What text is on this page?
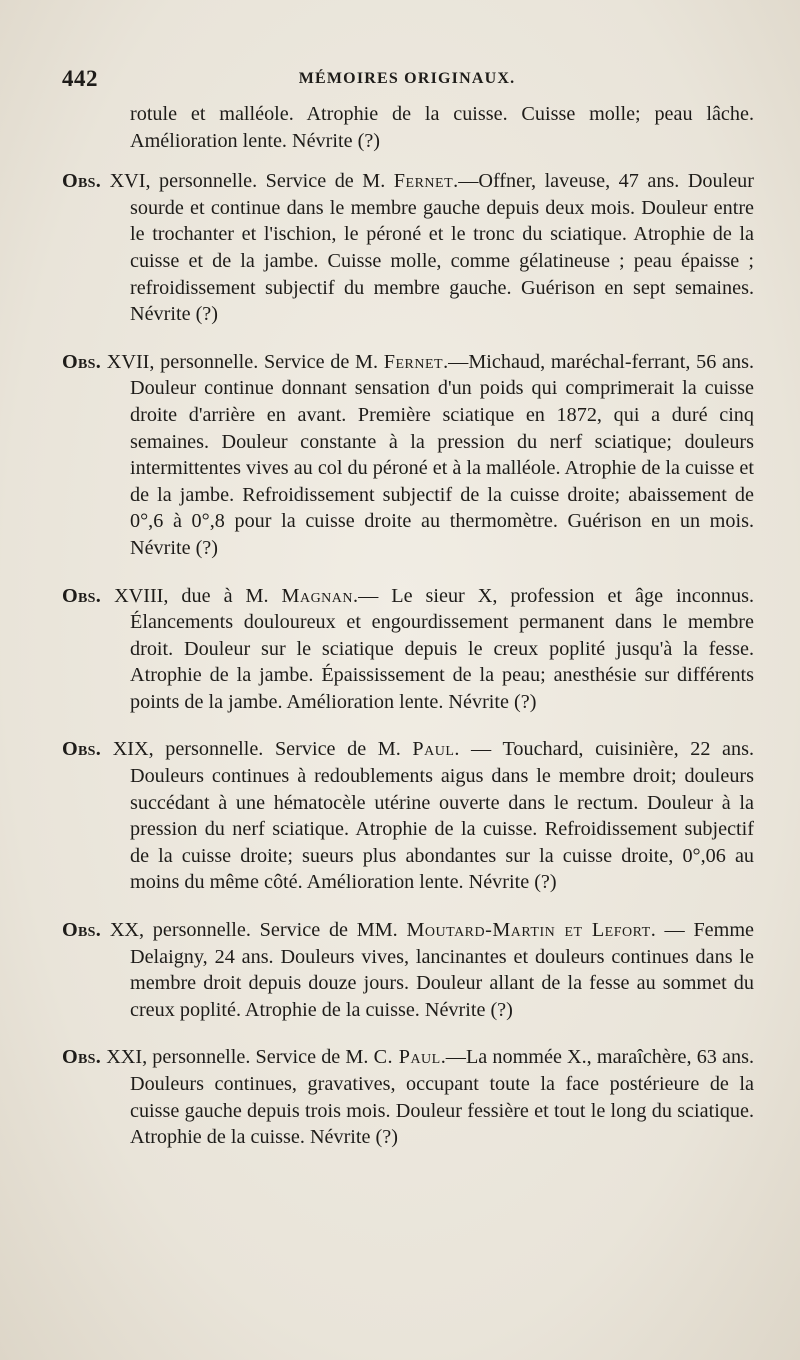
442	MÉMOIRES ORIGINAUX.

rotule et malléole. Atrophie de la cuisse. Cuisse molle; peau lâche. Amélioration lente. Névrite (?)

Obs. XVI, personnelle. Service de M. Fernet.—Offner, laveuse, 47 ans. Douleur sourde et continue dans le membre gauche depuis deux mois. Douleur entre le trochanter et l'ischion, le péroné et le tronc du sciatique. Atrophie de la cuisse et de la jambe. Cuisse molle, comme gélatineuse ; peau épaisse ; refroidissement subjectif du membre gauche. Guérison en sept semaines. Névrite (?)

Obs. XVII, personnelle. Service de M. Fernet.—Michaud, maréchal-ferrant, 56 ans. Douleur continue donnant sensation d'un poids qui comprimerait la cuisse droite d'arrière en avant. Première sciatique en 1872, qui a duré cinq semaines. Douleur constante à la pression du nerf sciatique; douleurs intermittentes vives au col du péroné et à la malléole. Atrophie de la cuisse et de la jambe. Refroidissement subjectif de la cuisse droite; abaissement de 0°,6 à 0°,8 pour la cuisse droite au thermomètre. Guérison en un mois. Névrite (?)

Obs. XVIII, due à M. Magnan.— Le sieur X, profession et âge inconnus. Élancements douloureux et engourdissement permanent dans le membre droit. Douleur sur le sciatique depuis le creux poplité jusqu'à la fesse. Atrophie de la jambe. Épaississement de la peau; anesthésie sur différents points de la jambe. Amélioration lente. Névrite (?)

Obs. XIX, personnelle. Service de M. Paul. — Touchard, cuisinière, 22 ans. Douleurs continues à redoublements aigus dans le membre droit; douleurs succédant à une hématocèle utérine ouverte dans le rectum. Douleur à la pression du nerf sciatique. Atrophie de la cuisse. Refroidissement subjectif de la cuisse droite; sueurs plus abondantes sur la cuisse droite, 0°,06 au moins du même côté. Amélioration lente. Névrite (?)

Obs. XX, personnelle. Service de MM. Moutard-Martin et Lefort. — Femme Delaigny, 24 ans. Douleurs vives, lancinantes et douleurs continues dans le membre droit depuis douze jours. Douleur allant de la fesse au sommet du creux poplité. Atrophie de la cuisse. Névrite (?)

Obs. XXI, personnelle. Service de M. C. Paul.—La nommée X., maraîchère, 63 ans. Douleurs continues, gravatives, occupant toute la face postérieure de la cuisse gauche depuis trois mois. Douleur fessière et tout le long du sciatique. Atrophie de la cuisse. Névrite (?)
